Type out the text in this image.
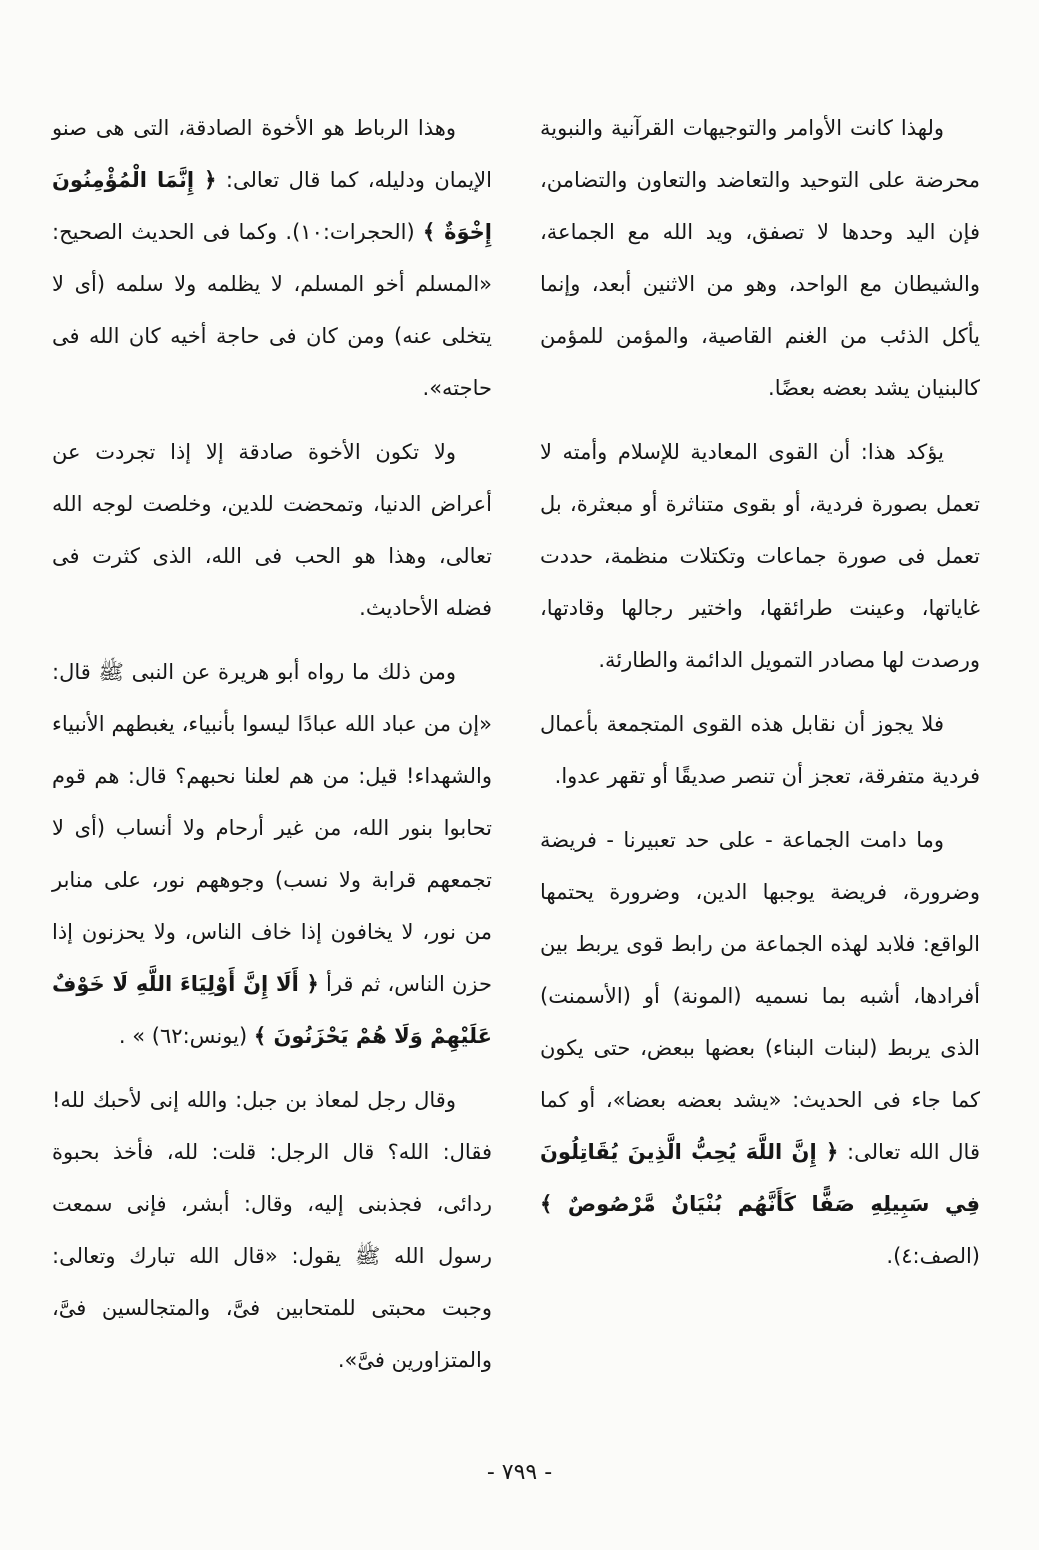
ولهذا كانت الأوامر والتوجيهات القرآنية والنبوية محرضة على التوحيد والتعاضد والتعاون والتضامن، فإن اليد وحدها لا تصفق، ويد الله مع الجماعة، والشيطان مع الواحد، وهو من الاثنين أبعد، وإنما يأكل الذئب من الغنم القاصية، والمؤمن للمؤمن كالبنيان يشد بعضه بعضًا.

يؤكد هذا: أن القوى المعادية للإسلام وأمته لا تعمل بصورة فردية، أو بقوى متناثرة أو مبعثرة، بل تعمل فى صورة جماعات وتكتلات منظمة، حددت غاياتها، وعينت طرائقها، واختير رجالها وقادتها، ورصدت لها مصادر التمويل الدائمة والطارئة.

فلا يجوز أن نقابل هذه القوى المتجمعة بأعمال فردية متفرقة، تعجز أن تنصر صديقًا أو تقهر عدوا.

وما دامت الجماعة - على حد تعبيرنا - فريضة وضرورة، فريضة يوجبها الدين، وضرورة يحتمها الواقع: فلابد لهذه الجماعة من رابط قوى يربط بين أفرادها، أشبه بما نسميه (المونة) أو (الأسمنت) الذى يربط (لبنات البناء) بعضها ببعض، حتى يكون كما جاء فى الحديث: «يشد بعضه بعضا»، أو كما قال الله تعالى: ﴿ إِنَّ اللَّهَ يُحِبُّ الَّذِينَ يُقَاتِلُونَ فِي سَبِيلِهِ صَفًّا كَأَنَّهُم بُنْيَانٌ مَّرْصُوصٌ ﴾ (الصف:٤).

وهذا الرباط هو الأخوة الصادقة، التى هى صنو الإيمان ودليله، كما قال تعالى: ﴿ إِنَّمَا الْمُؤْمِنُونَ إِخْوَةٌ ﴾ (الحجرات:١٠). وكما فى الحديث الصحيح: «المسلم أخو المسلم، لا يظلمه ولا سلمه (أى لا يتخلى عنه) ومن كان فى حاجة أخيه كان الله فى حاجته».

ولا تكون الأخوة صادقة إلا إذا تجردت عن أعراض الدنيا، وتمحضت للدين، وخلصت لوجه الله تعالى، وهذا هو الحب فى الله، الذى كثرت فى فضله الأحاديث.

ومن ذلك ما رواه أبو هريرة عن النبى ﷺ قال: «إن من عباد الله عبادًا ليسوا بأنبياء، يغبطهم الأنبياء والشهداء! قيل: من هم لعلنا نحبهم؟ قال: هم قوم تحابوا بنور الله، من غير أرحام ولا أنساب (أى لا تجمعهم قرابة ولا نسب) وجوههم نور، على منابر من نور، لا يخافون إذا خاف الناس، ولا يحزنون إذا حزن الناس، ثم قرأ ﴿ أَلَا إِنَّ أَوْلِيَاءَ اللَّهِ لَا خَوْفٌ عَلَيْهِمْ وَلَا هُمْ يَحْزَنُونَ ﴾ (يونس:٦٢) » .

وقال رجل لمعاذ بن جبل: والله إنى لأحبك لله! فقال: الله؟ قال الرجل: قلت: لله، فأخذ بحبوة ردائى، فجذبنى إليه، وقال: أبشر، فإنى سمعت رسول الله ﷺ يقول: «قال الله تبارك وتعالى: وجبت محبتى للمتحابين فىَّ، والمتجالسين فىَّ، والمتزاورين فىَّ».

- ٧٩٩ -
